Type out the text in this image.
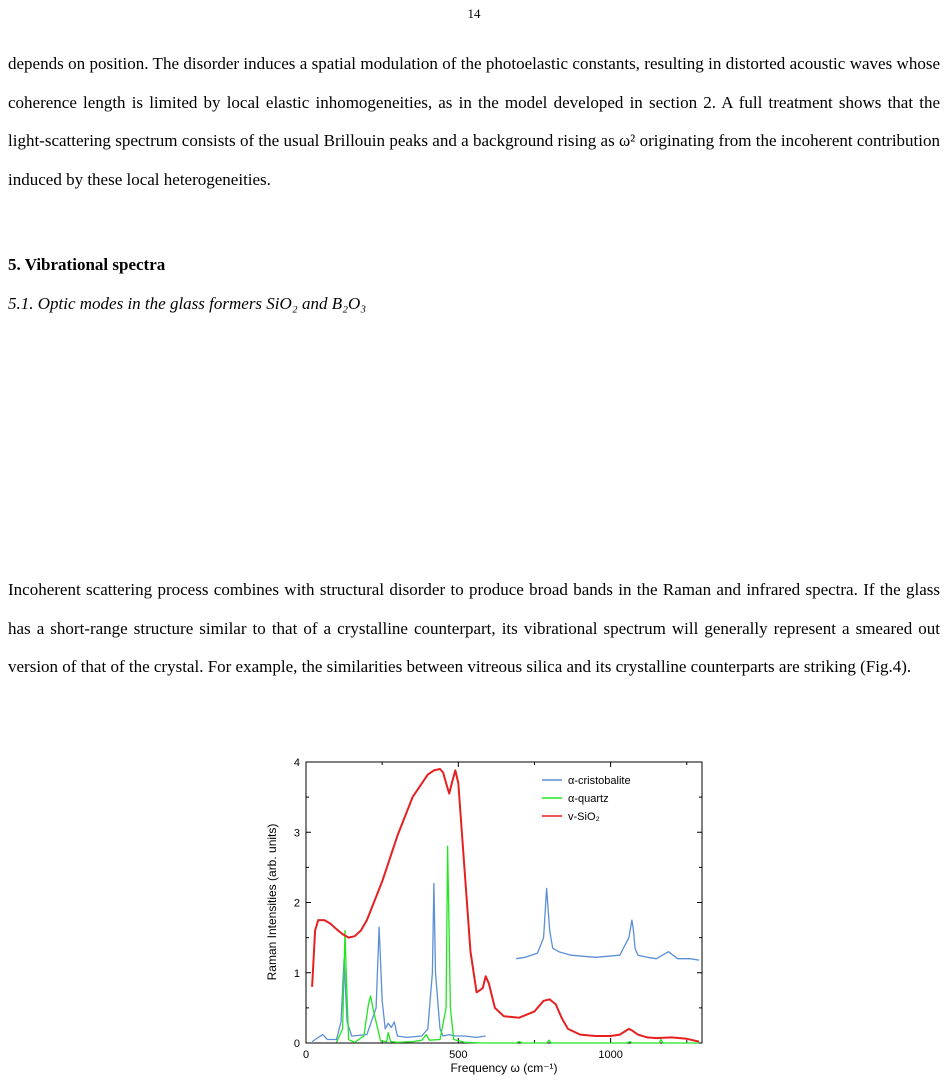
14
depends on position. The disorder induces a spatial modulation of the photoelastic constants, resulting in distorted acoustic waves whose coherence length is limited by local elastic inhomogeneities, as in the model developed in section 2. A full treatment shows that the light-scattering spectrum consists of the usual Brillouin peaks and a background rising as ω² originating from the incoherent contribution induced by these local heterogeneities.
5. Vibrational spectra
5.1. Optic modes in the glass formers SiO₂ and B₂O₃
Incoherent scattering process combines with structural disorder to produce broad bands in the Raman and infrared spectra. If the glass has a short-range structure similar to that of a crystalline counterpart, its vibrational spectrum will generally represent a smeared out version of that of the crystal. For example, the similarities between vitreous silica and its crystalline counterparts are striking (Fig.4).
0
1
2
3
4
0	500	1000
α-cristobalite
α-quartz
v-SiO₂
Frequency ω (cm⁻¹)
Raman Intensities (arb. units)
